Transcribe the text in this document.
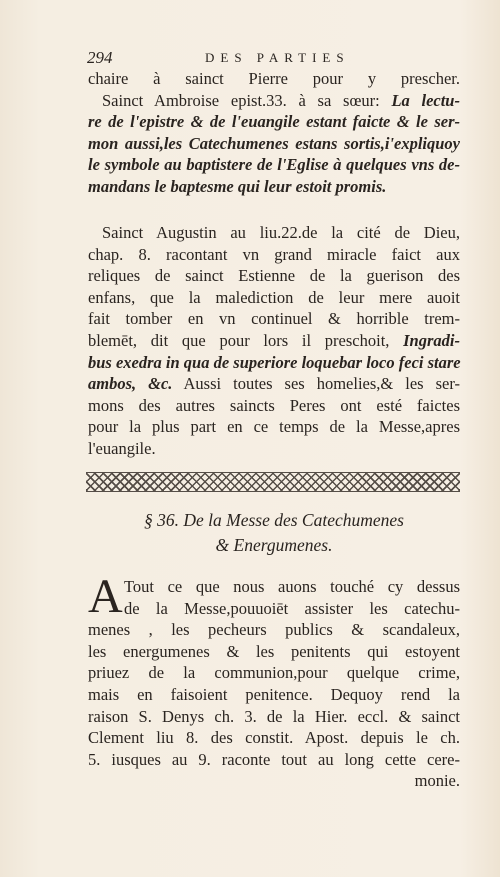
294	DES PARTIES
chaire à sainct Pierre pour y prescher.
Sainct Ambroise epist.33. à sa sœur: La lectu-
re de l'epistre & de l'euangile estant faicte & le ser-
mon aussi,les Catechumenes estans sortis,i'expliquoy
le symbole au baptistere de l'Eglise à quelques vns de-
mandans le baptesme qui leur estoit promis.
Sainct Augustin au liu.22.de la cité de Dieu,
chap. 8. racontant vn grand miracle faict aux
reliques de sainct Estienne de la guerison des
enfans, que la malediction de leur mere auoit
fait tomber en vn continuel & horrible trem-
blemēt, dit que pour lors il preschoit, Ingradi-
bus exedra in qua de superiore loquebar loco feci stare
ambos, &c. Aussi toutes ses homelies,& les ser-
mons des autres saincts Peres ont esté faictes
pour la plus part en ce temps de la Messe,apres
l'euangile.
§ 36. De la Messe des Catechumenes
& Energumenes.
A Tout ce que nous auons touché cy dessus
de la Messe,pouuoiēt assister les catechu-
menes , les pecheurs publics & scandaleux,
les energumenes & les penitents qui estoyent
priuez de la communion,pour quelque crime,
mais en faisoient penitence. Dequoy rend la
raison S. Denys ch. 3. de la Hier. eccl. & sainct
Clement liu 8. des constit. Apost. depuis le ch.
5. iusques au 9. raconte tout au long cette cere-
monie.
